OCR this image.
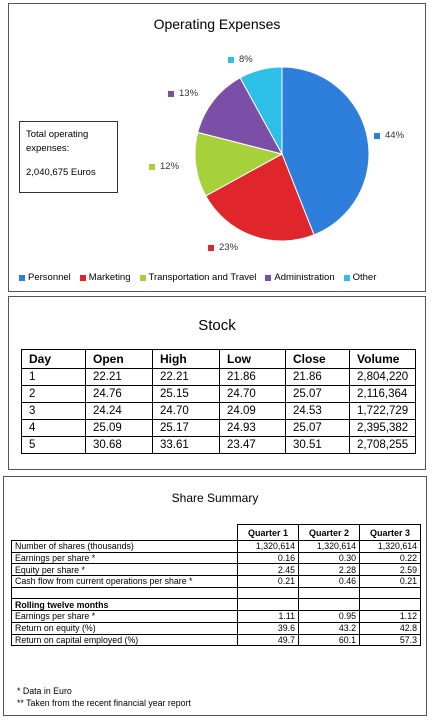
Operating Expenses
Total operating
expenses:
2,040,675 Euros
44%
23%
12%
13%
8%
Personnel Marketing Transportation and Travel Administration Other
Stock
Day	Open	High	Low	Close	Volume
1	22.21	22.21	21.86	21.86	2,804,220
2	24.76	25.15	24.70	25.07	2,116,364
3	24.24	24.70	24.09	24.53	1,722,729
4	25.09	25.17	24.93	25.07	2,395,382
5	30.68	33.61	23.47	30.51	2,708,255
Share Summary
	Quarter 1	Quarter 2	Quarter 3
Number of shares (thousands)	1,320,614	1,320,614	1,320,614
Earnings per share *	0.16	0.30	0.22
Equity per share *	2.45	2.28	2.59
Cash flow from current operations per share *	0.21	0.46	0.21

Rolling twelve months			
Earnings per share *	1.11	0.95	1.12
Return on equity (%)	39.6	43.2	42.8
Return on capital employed (%)	49.7	60.1	57.3
* Data in Euro
** Taken from the recent financial year report
